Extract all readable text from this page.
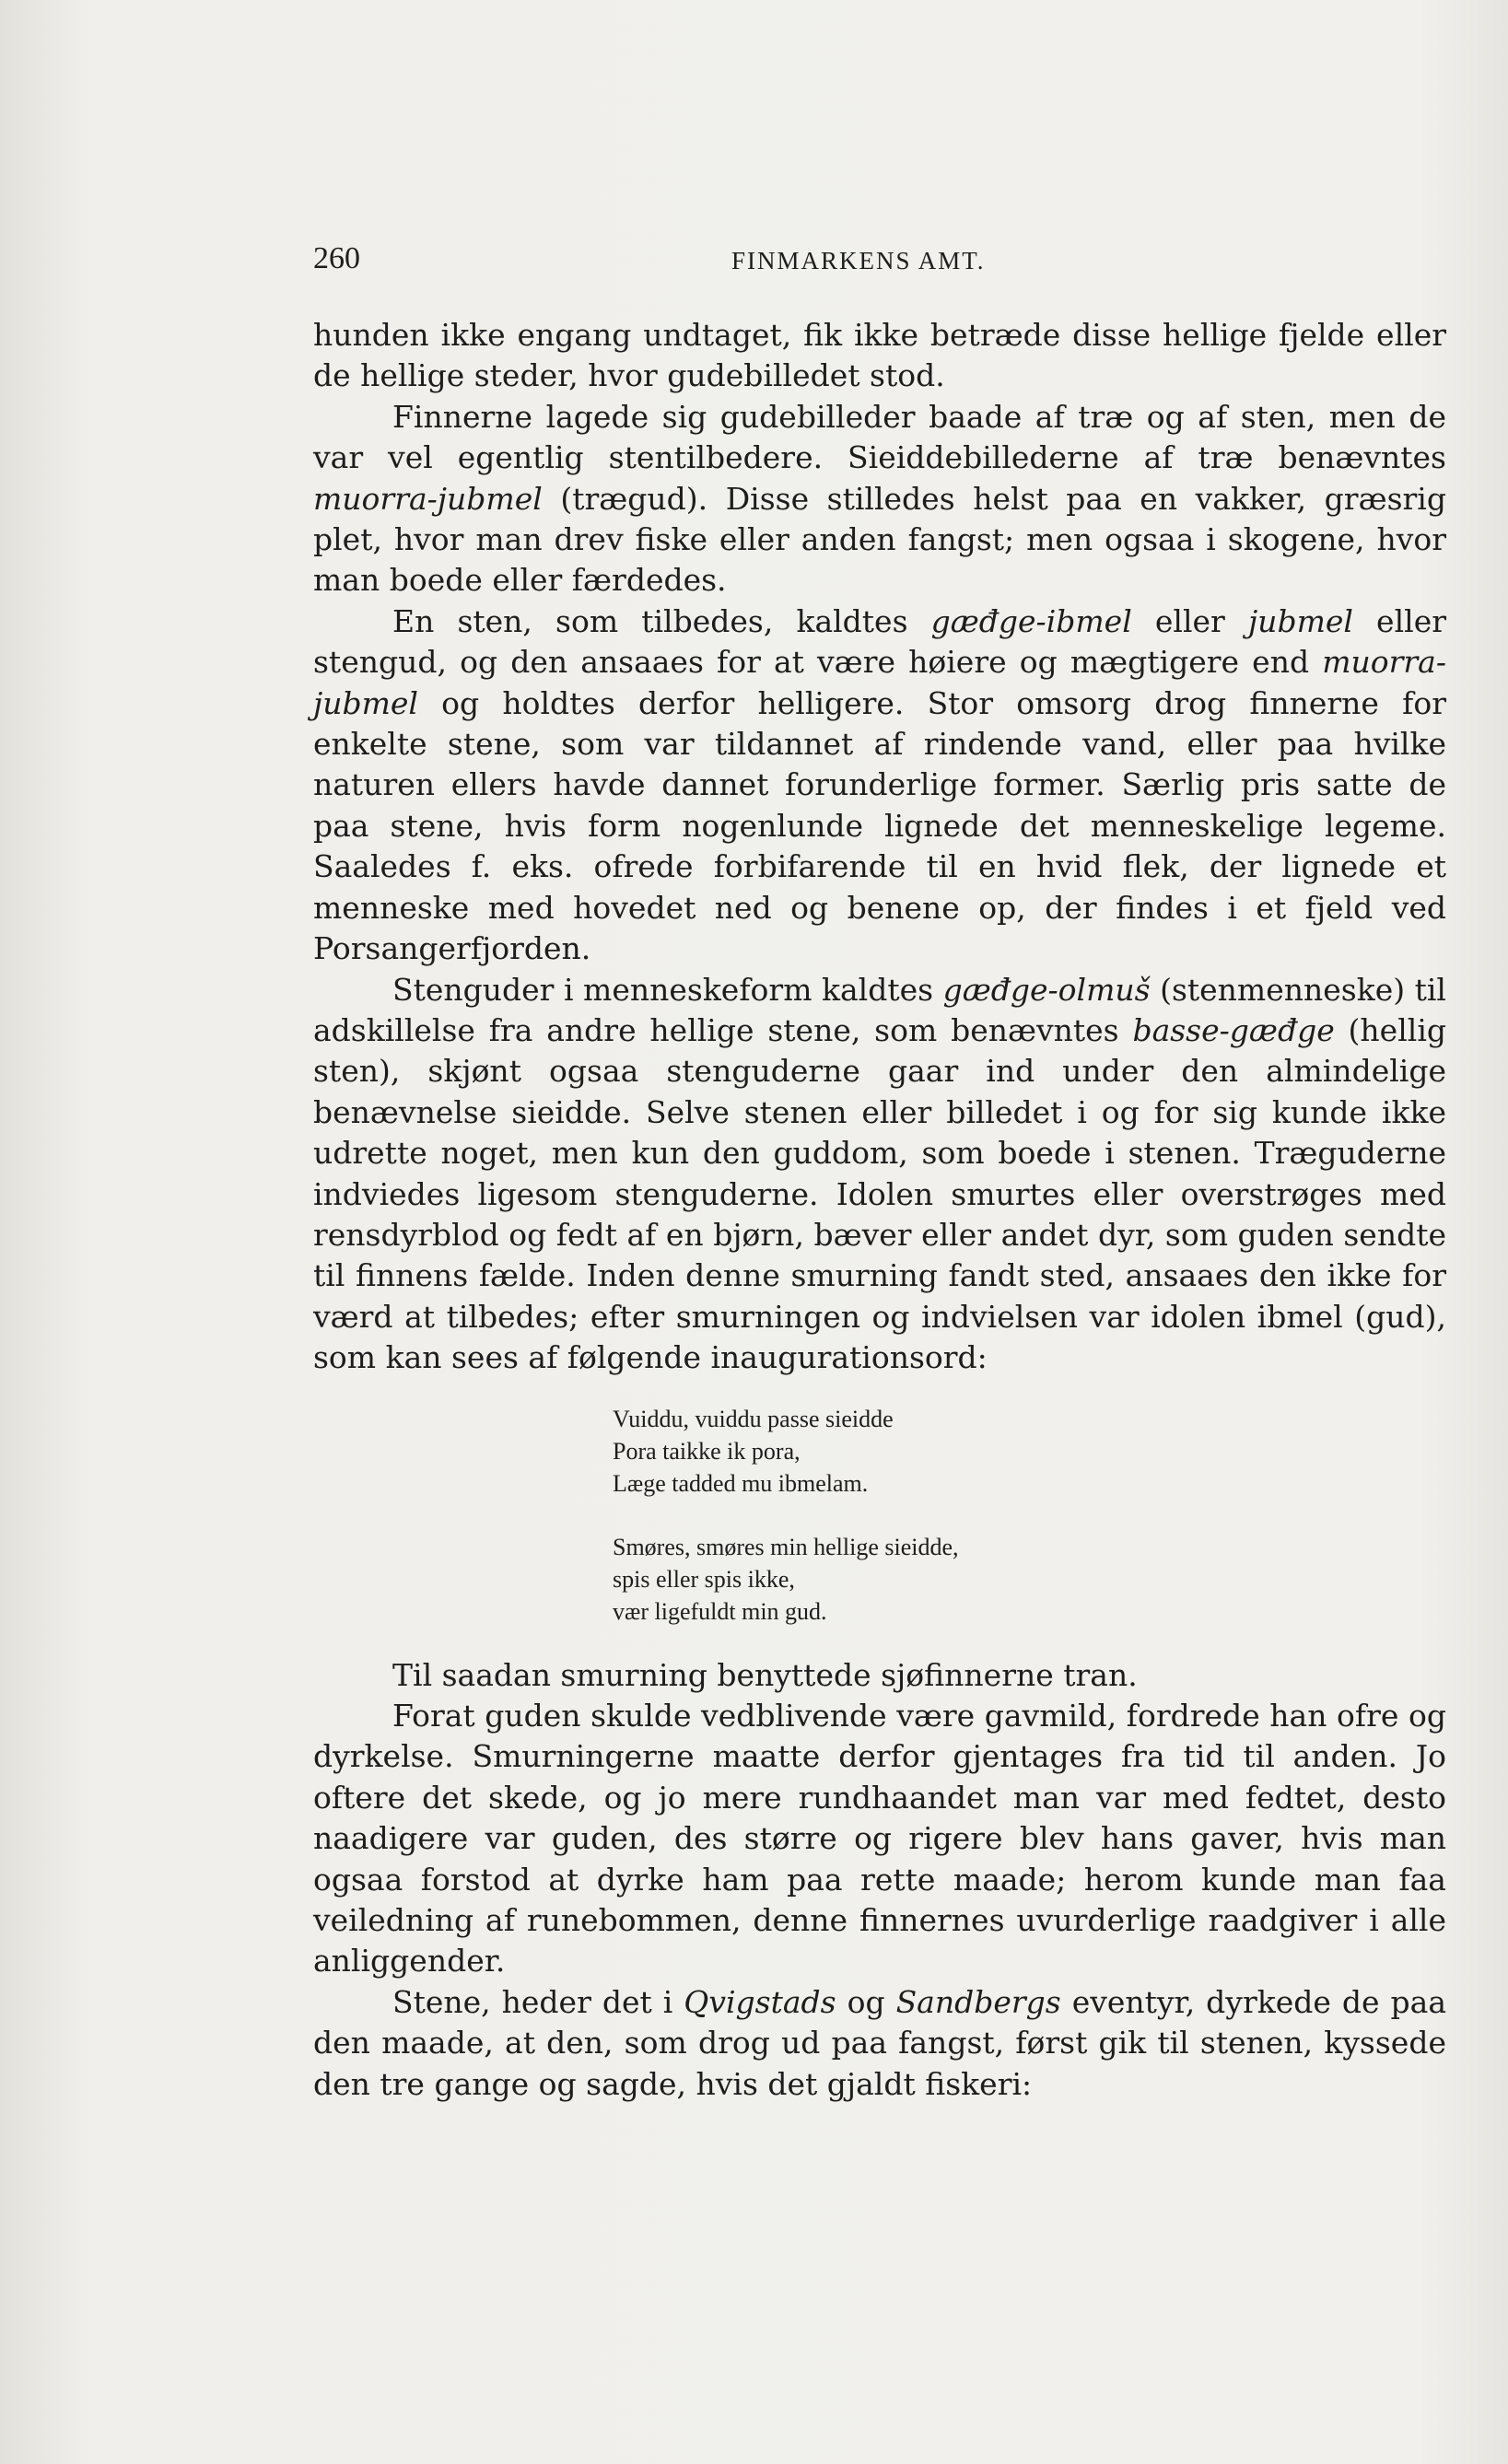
260	FINMARKENS AMT.

hunden ikke engang undtaget, fik ikke betræde disse hellige fjelde eller de hellige steder, hvor gudebilledet stod.

Finnerne lagede sig gudebilleder baade af træ og af sten, men de var vel egentlig stentilbedere. Sieiddebillederne af træ benævntes muorra-jubmel (trægud). Disse stilledes helst paa en vakker, græsrig plet, hvor man drev fiske eller anden fangst; men ogsaa i skogene, hvor man boede eller færdedes.

En sten, som tilbedes, kaldtes gæđge-ibmel eller jubmel eller stengud, og den ansaaes for at være høiere og mægtigere end muorra-jubmel og holdtes derfor helligere. Stor omsorg drog finnerne for enkelte stene, som var tildannet af rindende vand, eller paa hvilke naturen ellers havde dannet forunderlige former. Særlig pris satte de paa stene, hvis form nogenlunde lignede det menneskelige legeme. Saaledes f. eks. ofrede forbifarende til en hvid flek, der lignede et menneske med hovedet ned og benene op, der findes i et fjeld ved Porsangerfjorden.

Stenguder i menneskeform kaldtes gæđge-olmuš (stenmenneske) til adskillelse fra andre hellige stene, som benævntes basse-gæđge (hellig sten), skjønt ogsaa stenguderne gaar ind under den almindelige benævnelse sieidde. Selve stenen eller billedet i og for sig kunde ikke udrette noget, men kun den guddom, som boede i stenen. Træguderne indviedes ligesom stenguderne. Idolen smurtes eller overstrøges med rensdyrblod og fedt af en bjørn, bæver eller andet dyr, som guden sendte til finnens fælde. Inden denne smurning fandt sted, ansaaes den ikke for værd at tilbedes; efter smurningen og indvielsen var idolen ibmel (gud), som kan sees af følgende inaugurationsord:

Vuiddu, vuiddu passe sieidde
Pora taikke ik pora,
Læge tadded mu ibmelam.
Smøres, smøres min hellige sieidde,
spis eller spis ikke,
vær ligefuldt min gud.

Til saadan smurning benyttede sjøfinnerne tran.

Forat guden skulde vedblivende være gavmild, fordrede han ofre og dyrkelse. Smurningerne maatte derfor gjentages fra tid til anden. Jo oftere det skede, og jo mere rundhaandet man var med fedtet, desto naadigere var guden, des større og rigere blev hans gaver, hvis man ogsaa forstod at dyrke ham paa rette maade; herom kunde man faa veiledning af runebommen, denne finnernes uvurderlige raadgiver i alle anliggender.

Stene, heder det i Qvigstads og Sandbergs eventyr, dyrkede de paa den maade, at den, som drog ud paa fangst, først gik til stenen, kyssede den tre gange og sagde, hvis det gjaldt fiskeri:
